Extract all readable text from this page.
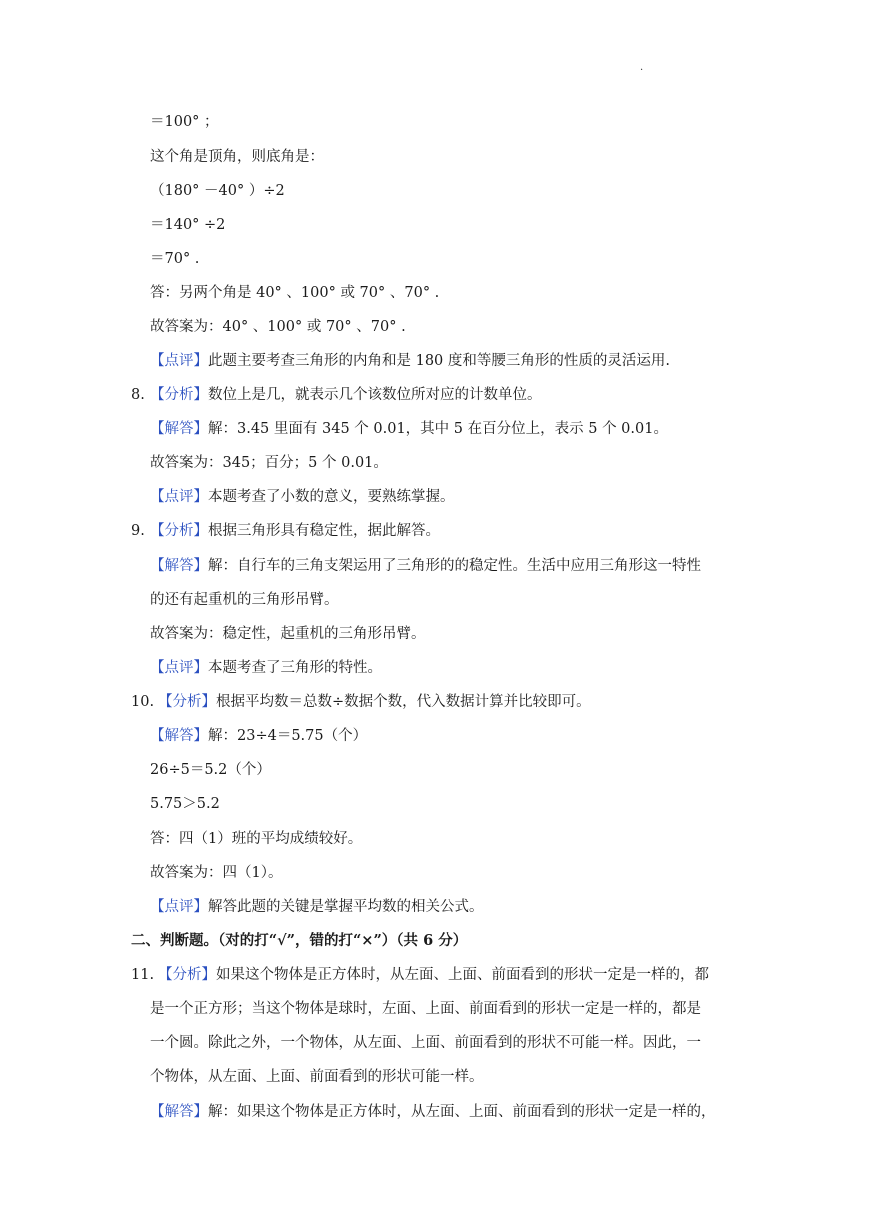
.
＝100° ；
这个角是顶角，则底角是：
（180° －40° ）÷2
＝140° ÷2
＝70° .
答：另两个角是 40° 、100° 或 70° 、70° .
故答案为：40° 、100° 或 70° 、70° .
【点评】此题主要考查三角形的内角和是 180 度和等腰三角形的性质的灵活运用.
8. 【分析】数位上是几，就表示几个该数位所对应的计数单位。
【解答】解：3.45 里面有 345 个 0.01，其中 5 在百分位上，表示 5 个 0.01。
故答案为：345；百分；5 个 0.01。
【点评】本题考查了小数的意义，要熟练掌握。
9. 【分析】根据三角形具有稳定性，据此解答。
【解答】解：自行车的三角支架运用了三角形的的稳定性。生活中应用三角形这一特性
的还有起重机的三角形吊臂。
故答案为：稳定性，起重机的三角形吊臂。
【点评】本题考查了三角形的特性。
10. 【分析】根据平均数＝总数÷数据个数，代入数据计算并比较即可。
【解答】解：23÷4＝5.75（个）
26÷5＝5.2（个）
5.75＞5.2
答：四（1）班的平均成绩较好。
故答案为：四（1）。
【点评】解答此题的关键是掌握平均数的相关公式。
二、判断题。（对的打“√”，错的打“×”）（共 6 分）
11. 【分析】如果这个物体是正方体时，从左面、上面、前面看到的形状一定是一样的，都
是一个正方形；当这个物体是球时，左面、上面、前面看到的形状一定是一样的，都是
一个圆。除此之外，一个物体，从左面、上面、前面看到的形状不可能一样。因此，一
个物体，从左面、上面、前面看到的形状可能一样。
【解答】解：如果这个物体是正方体时，从左面、上面、前面看到的形状一定是一样的，
